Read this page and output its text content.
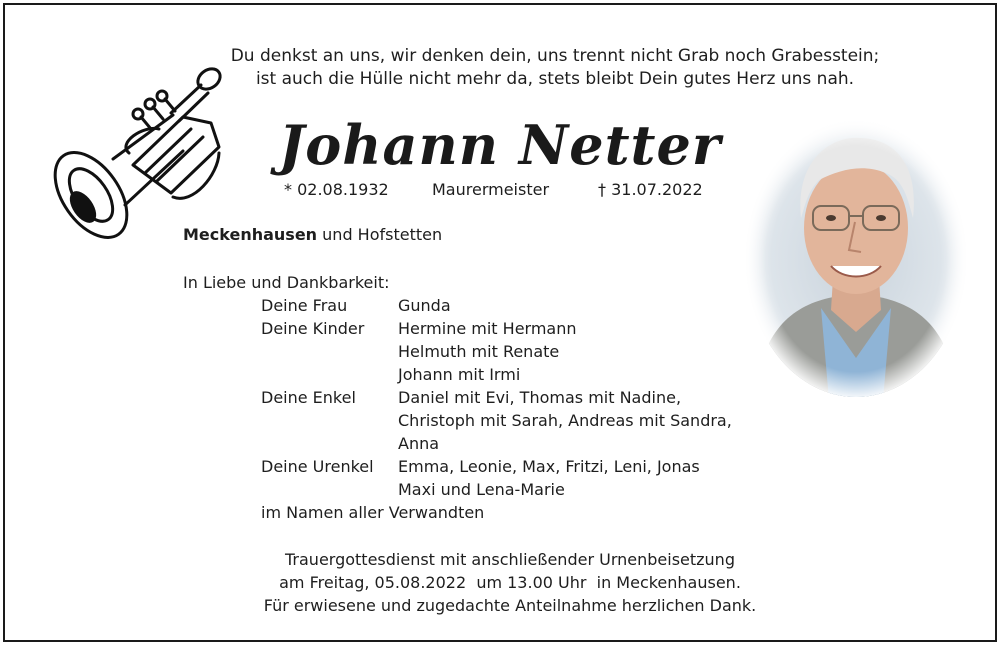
Du denkst an uns, wir denken dein, uns trennt nicht Grab noch Grabesstein;
ist auch die Hülle nicht mehr da, stets bleibt Dein gutes Herz uns nah.
Johann Netter
* 02.08.1932	Maurermeister	† 31.07.2022
Meckenhausen und Hofstetten
In Liebe und Dankbarkeit:
Deine Frau	Gunda
Deine Kinder Hermine mit Hermann
Helmuth mit Renate
Johann mit Irmi
Deine Enkel	Daniel mit Evi, Thomas mit Nadine,
Christoph mit Sarah, Andreas mit Sandra,
Anna
Deine Urenkel Emma, Leonie, Max, Fritzi, Leni, Jonas
Maxi und Lena-Marie
im Namen aller Verwandten
Trauergottesdienst mit anschließender Urnenbeisetzung
am Freitag, 05.08.2022  um 13.00 Uhr  in Meckenhausen.
Für erwiesene und zugedachte Anteilnahme herzlichen Dank.
